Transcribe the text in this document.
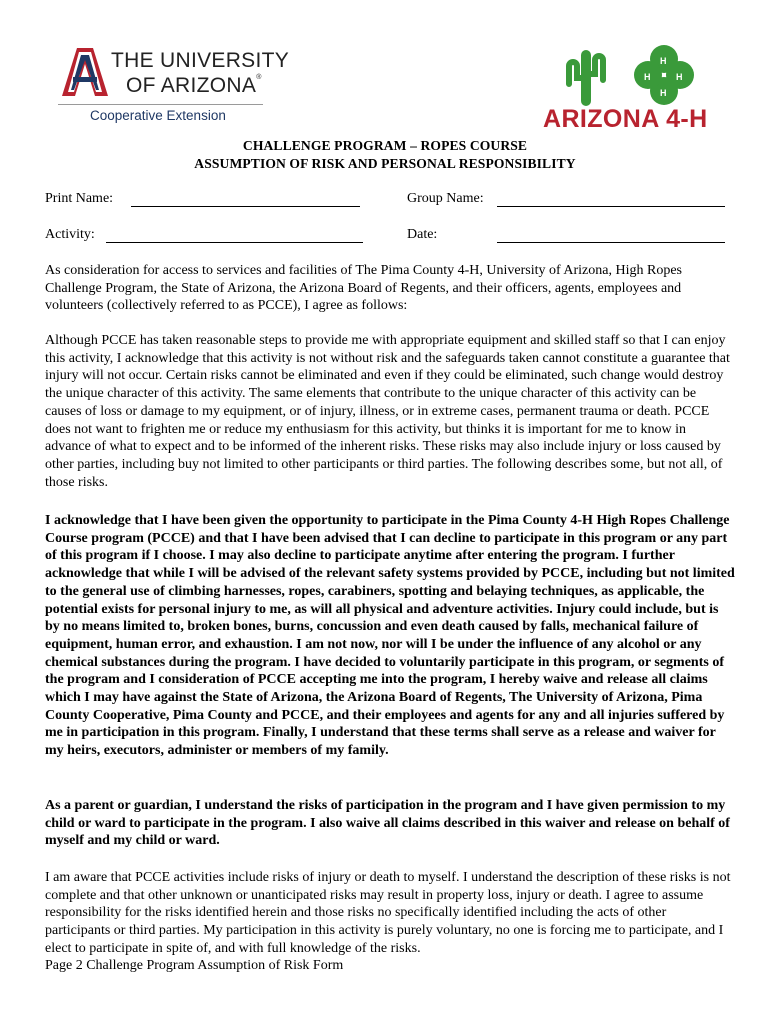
THE UNIVERSITY
OF ARIZONA®
Cooperative Extension
H
H
H	H
ARIZONA 4-H
CHALLENGE PROGRAM – ROPES COURSE
ASSUMPTION OF RISK AND PERSONAL RESPONSIBILITY
Print Name:	Group Name:
Activity:	Date:

As consideration for access to services and facilities of The Pima County 4-H, University of Arizona, High Ropes Challenge Program, the State of Arizona, the Arizona Board of Regents, and their officers, agents, employees and volunteers (collectively referred to as PCCE), I agree as follows:

Although PCCE has taken reasonable steps to provide me with appropriate equipment and skilled staff so that I can enjoy this activity, I acknowledge that this activity is not without risk and the safeguards taken cannot constitute a guarantee that injury will not occur. Certain risks cannot be eliminated and even if they could be eliminated, such change would destroy the unique character of this activity. The same elements that contribute to the unique character of this activity can be causes of loss or damage to my equipment, or of injury, illness, or in extreme cases, permanent trauma or death. PCCE does not want to frighten me or reduce my enthusiasm for this activity, but thinks it is important for me to know in advance of what to expect and to be informed of the inherent risks. These risks may also include injury or loss caused by other parties, including buy not limited to other participants or third parties. The following describes some, but not all, of those risks.

I acknowledge that I have been given the opportunity to participate in the Pima County 4-H High Ropes Challenge Course program (PCCE) and that I have been advised that I can decline to participate in this program or any part of this program if I choose. I may also decline to participate anytime after entering the program. I further acknowledge that while I will be advised of the relevant safety systems provided by PCCE, including but not limited to the general use of climbing harnesses, ropes, carabiners, spotting and belaying techniques, as applicable, the potential exists for personal injury to me, as will all physical and adventure activities. Injury could include, but is by no means limited to, broken bones, burns, concussion and even death caused by falls, mechanical failure of equipment, human error, and exhaustion. I am not now, nor will I be under the influence of any alcohol or any chemical substances during the program. I have decided to voluntarily participate in this program, or segments of the program and I consideration of PCCE accepting me into the program, I hereby waive and release all claims which I may have against the State of Arizona, the Arizona Board of Regents, The University of Arizona, Pima County Cooperative, Pima County and PCCE, and their employees and agents for any and all injuries suffered by me in participation in this program. Finally, I understand that these terms shall serve as a release and waiver for my heirs, executors, administer or members of my family.

As a parent or guardian, I understand the risks of participation in the program and I have given permission to my child or ward to participate in the program. I also waive all claims described in this waiver and release on behalf of myself and my child or ward.

I am aware that PCCE activities include risks of injury or death to myself. I understand the description of these risks is not complete and that other unknown or unanticipated risks may result in property loss, injury or death. I agree to assume responsibility for the risks identified herein and those risks no specifically identified including the acts of other participants or third parties. My participation in this activity is purely voluntary, no one is forcing me to participate, and I elect to participate in spite of, and with full knowledge of the risks.

Page 2 Challenge Program Assumption of Risk Form
